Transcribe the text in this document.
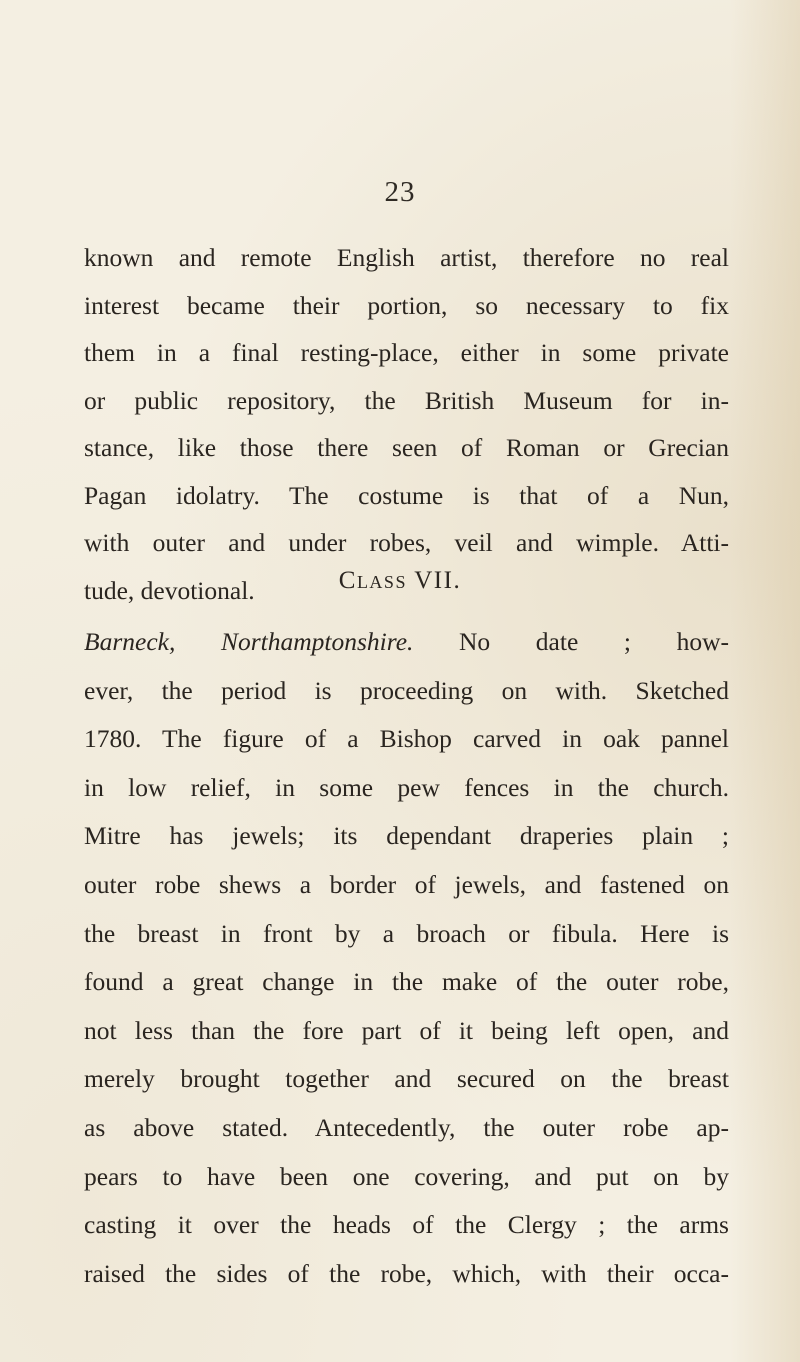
23
known and remote English artist, therefore no real
interest became their portion, so necessary to fix
them in a final resting-place, either in some private
or public repository, the British Museum for in-
stance, like those there seen of Roman or Grecian
Pagan idolatry. The costume is that of a Nun,
with outer and under robes, veil and wimple. Atti-
tude, devotional.	Class VII.
Barneck, Northamptonshire. No date ; how-
ever, the period is proceeding on with. Sketched
1780. The figure of a Bishop carved in oak pannel
in low relief, in some pew fences in the church.
Mitre has jewels; its dependant draperies plain ;
outer robe shews a border of jewels, and fastened on
the breast in front by a broach or fibula. Here is
found a great change in the make of the outer robe,
not less than the fore part of it being left open, and
merely brought together and secured on the breast
as above stated. Antecedently, the outer robe ap-
pears to have been one covering, and put on by
casting it over the heads of the Clergy ; the arms
raised the sides of the robe, which, with their occa-
